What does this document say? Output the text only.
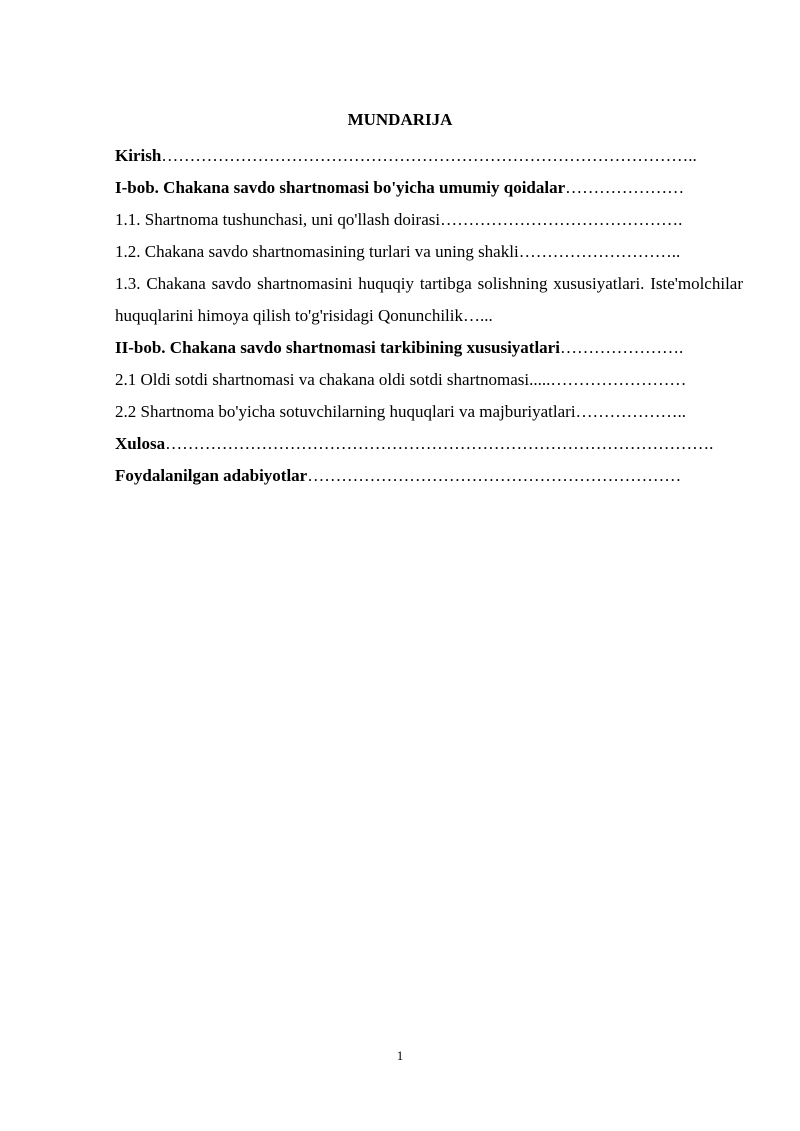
MUNDARIJA

Kirish…………………………………………………………………………………..

I-bob. Chakana savdo shartnomasi bo'yicha umumiy qoidalar…………………

1.1. Shartnoma tushunchasi, uni qo'llash doirasi…………………………………….

1.2. Chakana savdo shartnomasining turlari va uning shakli………………………..

1.3. Chakana savdo shartnomasini huquqiy tartibga solishning xususiyatlari. Iste'molchilar huquqlarini himoya qilish to'g'risidagi Qonunchilik…...

II-bob. Chakana savdo shartnomasi tarkibining xususiyatlari………………….

2.1 Oldi sotdi shartnomasi va chakana oldi sotdi shartnomasi.....……………………

2.2 Shartnoma bo'yicha sotuvchilarning huquqlari va majburiyatlari………………..

Xulosa…………………………………………………………………………………….

Foydalanilgan adabiyotlar…………………………………………………………

1
